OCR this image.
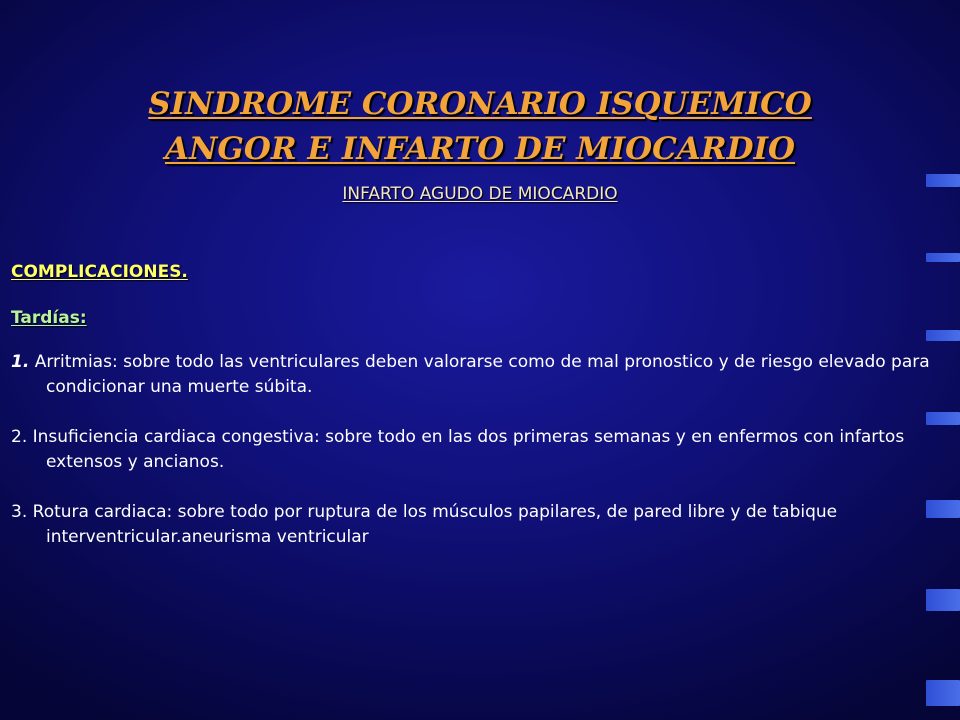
SINDROME CORONARIO ISQUEMICO
ANGOR E INFARTO DE MIOCARDIO
INFARTO AGUDO DE MIOCARDIO
COMPLICACIONES.
Tardías:
1. Arritmias: sobre todo las ventriculares deben valorarse como de mal pronostico y de riesgo elevado para condicionar una muerte súbita.
2. Insuficiencia cardiaca congestiva: sobre todo en las dos primeras semanas y en enfermos con infartos extensos y ancianos.
3. Rotura cardiaca: sobre todo por ruptura de los músculos papilares, de pared libre y de tabique interventricular.aneurisma ventricular
